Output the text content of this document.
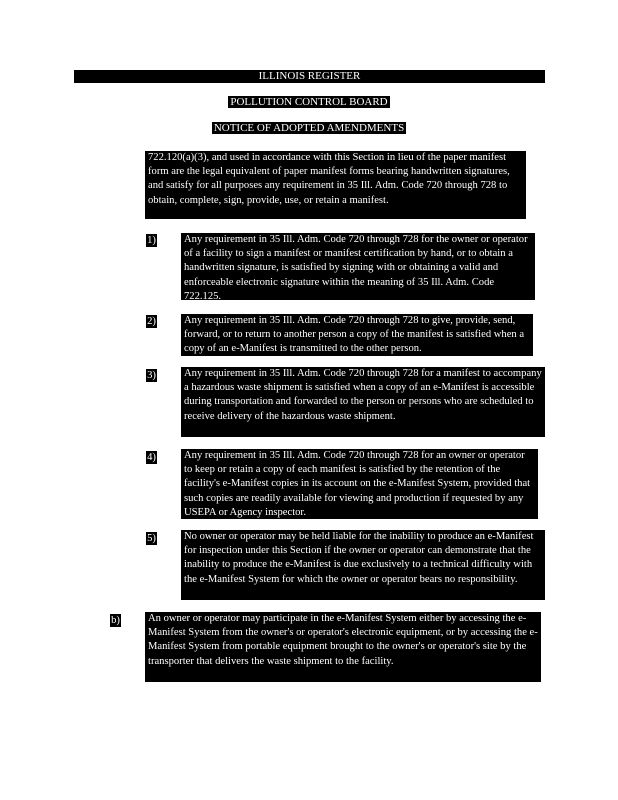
ILLINOIS REGISTER
POLLUTION CONTROL BOARD
NOTICE OF ADOPTED AMENDMENTS
722.120(a)(3), and used in accordance with this Section in lieu of the paper manifest form are the legal equivalent of paper manifest forms bearing handwritten signatures, and satisfy for all purposes any requirement in 35 Ill. Adm. Code 720 through 728 to obtain, complete, sign, provide, use, or retain a manifest.
1)	Any requirement in 35 Ill. Adm. Code 720 through 728 for the owner or operator of a facility to sign a manifest or manifest certification by hand, or to obtain a handwritten signature, is satisfied by signing with or obtaining a valid and enforceable electronic signature within the meaning of 35 Ill. Adm. Code 722.125.
2)	Any requirement in 35 Ill. Adm. Code 720 through 728 to give, provide, send, forward, or to return to another person a copy of the manifest is satisfied when a copy of an e-Manifest is transmitted to the other person.
3)	Any requirement in 35 Ill. Adm. Code 720 through 728 for a manifest to accompany a hazardous waste shipment is satisfied when a copy of an e-Manifest is accessible during transportation and forwarded to the person or persons who are scheduled to receive delivery of the hazardous waste shipment.
4)	Any requirement in 35 Ill. Adm. Code 720 through 728 for an owner or operator to keep or retain a copy of each manifest is satisfied by the retention of the facility's e-Manifest copies in its account on the e-Manifest System, provided that such copies are readily available for viewing and production if requested by any USEPA or Agency inspector.
5)	No owner or operator may be held liable for the inability to produce an e-Manifest for inspection under this Section if the owner or operator can demonstrate that the inability to produce the e-Manifest is due exclusively to a technical difficulty with the e-Manifest System for which the owner or operator bears no responsibility.
b)	An owner or operator may participate in the e-Manifest System either by accessing the e-Manifest System from the owner's or operator's electronic equipment, or by accessing the e-Manifest System from portable equipment brought to the owner's or operator's site by the transporter that delivers the waste shipment to the facility.
